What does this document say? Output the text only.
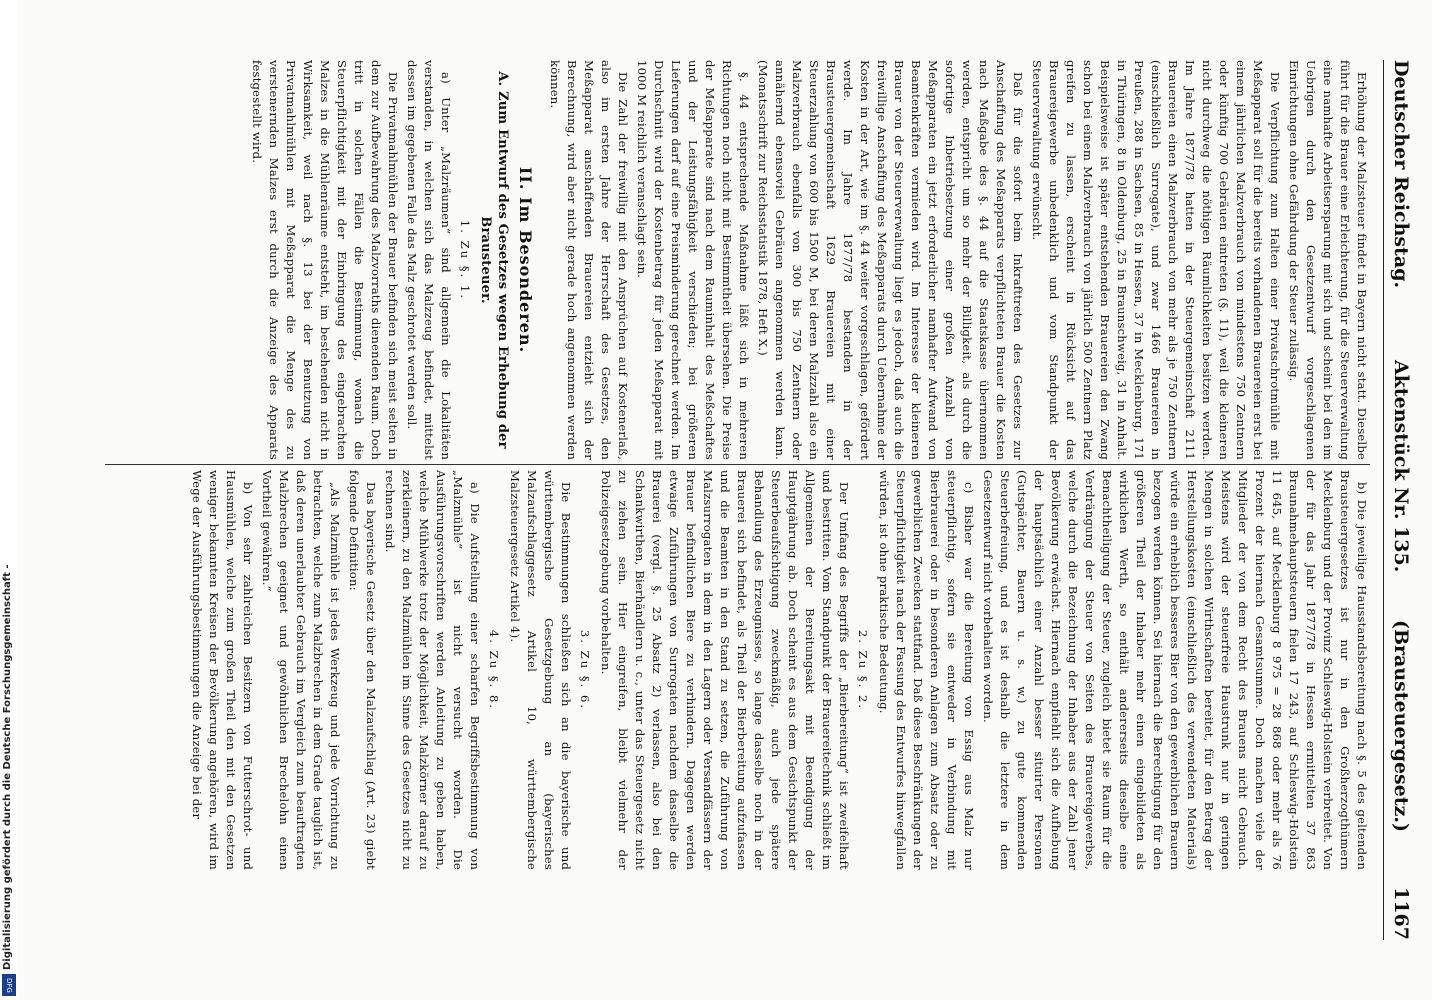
Deutscher Reichstag.
Aktenstück Nr. 135.
(Brausteuergesetz.)
1167

Erhöhung der Malzsteuer findet in Bayern nicht statt. Dieselbe führt für die Brauer eine Erleichterung, für die Steuerverwaltung eine namhafte Arbeitsersparung mit sich und scheint bei den im Uebrigen durch den Gesetzentwurf vorgeschlagenen Einrichtungen ohne Gefährdung der Steuer zulässig.

Die Verpflichtung zum Halten einer Privatschrotmühle mit Meßapparat soll für die bereits vorhandenen Brauereien erst bei einem jährlichen Malzverbrauch von mindestens 750 Zentnern oder künftig 700 Gebräuen eintreten (§. 11), weil die kleineren nicht durchweg die nöthigen Räumlichkeiten besitzen werden. Im Jahre 1877/78 hatten in der Steuergemeinschaft 2111 Brauereien einen Malzverbrauch von mehr als je 750 Zentnern (einschließlich Surrogate), und zwar 1466 Brauereien in Preußen, 288 in Sachsen, 85 in Hessen, 37 in Mecklenburg, 171 in Thüringen, 8 in Oldenburg, 25 in Braunschweig, 31 in Anhalt. Beispielsweise ist später entstehenden Brauereien den Zwang schon bei einem Malzverbrauch von jährlich 500 Zentnern Platz greifen zu lassen, erscheint in Rücksicht auf das Brauereigewerbe unbedenklich und vom Standpunkt der Steuerverwaltung erwünscht.

Daß für die sofort beim Inkrafttreten des Gesetzes zur Anschaffung des Meßapparats verpflichteten Brauer die Kosten nach Maßgabe des §. 44 auf die Staatskasse übernommen werden, entspricht um so mehr der Billigkeit, als durch die sofortige Inbetriebsetzung einer großen Anzahl von Meßapparaten ein jetzt erforderlicher namhafter Aufwand von Beamtenkräften vermieden wird. Im Interesse der kleineren Brauer von der Steuerverwaltung liegt es jedoch, daß auch die freiwillige Anschaffung des Meßapparats durch Uebernahme der Kosten in der Art, wie im §. 44 weiter vorgeschlagen, gefördert werde. Im Jahre 1877/78 bestanden in der Brausteuergemeinschaft 1629 Brauereien mit einer Steuerzahlung von 600 bis 1500 M, bei deren Malzzahl also ein Malzverbrauch ebenfalls von 300 bis 750 Zentnern oder annähernd ebensoviel Gebräuen angenommen werden kann. (Monatsschrift zur Reichsstatistik 1878, Heft X.)

§. 44 entsprechende Maßnahme läßt sich in mehreren Richtungen noch nicht mit Bestimmtheit übersehen. Die Preise der Meßapparate sind nach dem Rauminhalt des Meßschaftes und der Leistungsfähigkeit verschieden; bei größeren Lieferungen darf auf eine Preisminderung gerechnet werden. Im Durchschnitt wird der Kostenbetrag für jeden Meßapparat mit 1000 M reichlich veranschlagt sein.

Die Zahl der freiwillig mit den Ansprüchen auf Kostenerlaß, also im ersten Jahre der Herrschaft des Gesetzes, den Meßapparat anschaffenden Brauereien entzieht sich der Berechnung, wird aber nicht gerade hoch angenommen werden können.

II. Im Besonderen.
A. Zum Entwurf des Gesetzes wegen Erhebung der Brausteuer.
1. Zu §. 1.

a) Unter „Malzräumen“ sind allgemein die Lokalitäten verstanden, in welchen sich das Malzzeug befindet, mittelst dessen im gegebenen Falle das Malz geschrotet werden soll.

Die Privatmahlmühlen der Brauer befinden sich meist selten in dem zur Aufbewahrung des Malzvorraths dienenden Raum. Doch tritt in solchen Fällen die Bestimmung, wonach die Steuerpflichtigkeit mit der Einbringung des eingebrachten Malzes in die Mühlenräume entsteht, im bestehenden nicht in Wirksamkeit, weil nach §. 13 bei der Benutzung von Privatmahlmühlen mit Meßapparat die Menge des zu verstenernden Malzes erst durch die Anzeige des Apparats festgestellt wird.

b) Die jeweilige Hausstandsbereitung nach §. 5 des geltenden Brausteuergesetzes ist nur in den Großherzogthümern Mecklenburg und der Provinz Schleswig-Holstein verbreitet. Von der für das Jahr 1877/78 in Hessen ermittelten 37 863 Braunahmehauptsteuern fielen 17 243, auf Schleswig-Holstein 11 645, auf Mecklenburg 8 975 = 28 868 oder mehr als 76 Prozent der hiernach Gesamtsumme. Doch machen viele der Mitglieder der von dem Recht des Brauens nicht Gebrauch. Meistens wird der steuerfreie Haustrunk nur in geringen Mengen in solchen Wirthschaften bereitet, für den Betrag der Herstellungskosten (einschließlich des verwendeten Materials) würde ein erheblich besseres Bier von den gewerblichen Brauern bezogen werden können. Sei hiernach die Berechtigung für den größeren Theil der Inhaber mehr einen eingebildeten als wirklichen Werth, so enthält andererseits dieselbe eine Benachtheiligung der Steuer, zugleich bietet sie Raum für die Verdrängung der Steuer von Seiten des Brauereigewerbes, welche durch die Bezeichnung der Inhaber aus der Zahl jener Bevölkerung erwächst. Hiernach empfiehlt sich die Aufhebung der hauptsächlich einer Anzahl besser situirter Personen (Gutspächter, Bauern u. s. w.) zu gute kommenden Steuerbefreiung, und es ist deshalb die letztere in dem Gesetzentwurf nicht vorbehalten worden.

c) Bisher war die Bereitung von Essig aus Malz nur steuerpflichtig, sofern sie entweder in Verbindung mit Bierbrauerei oder in besonderen Anlagen zum Absatz oder zu gewerblichen Zwecken stattfand. Daß diese Beschränkungen der Steuerpflichtigkeit nach der Fassung des Entwurfes hinwegfallen würden, ist ohne praktische Bedeutung.

2. Zu §. 2.

Der Umfang des Begriffs der „Bierbereitung“ ist zweifelhaft und bestritten. Vom Standpunkt der Brauereitechnik schließt im Allgemeinen der Bereitungsakt mit Beendigung der Hauptgährung ab. Doch scheint es aus dem Gesichtspunkt der Steuerbeaufsichtigung zweckmäßig, auch jede spätere Behandlung des Erzeugnisses, so lange dasselbe noch in der Brauerei sich befindet, als Theil der Bierbereitung aufzufassen und die Beamten in den Stand zu setzen, die Zuführung von Malzsurrogaten in dem in den Lagern oder Versandfässern der Brauer befindlichen Biere zu verhindern. Dagegen werden etwaige Zuführungen von Surrogaten nachdem dasselbe die Brauerei (vergl. §. 25 Absatz 2) verlassen, also bei den Schankwirthen, Bierhändlern u. c., unter das Steuergesetz nicht zu ziehen sein. Hier eingreifen, bleibt vielmehr der Polizeigesetzgebung vorbehalten.

3. Zu §. 6.

Die Bestimmungen schließen sich an die bayerische und württembergische Gesetzgebung an (bayerisches Malzaufschlaggesetz Artikel 10, württembergische Malzsteuergesetz Artikel 4).

4. Zu §. 8.

a) Die Aufstellung einer scharfen Begriffsbestimmung von „Malzmühle“ ist nicht versucht worden. Die Ausführungsvorschriften werden Anleitung zu geben haben, welche Mühlwerke trotz der Möglichkeit, Malzkörner darauf zu zerkleinern, zu den Malzmühlen im Sinne des Gesetzes nicht zu rechnen sind.

Das bayerische Gesetz über den Malzaufschlag (Art. 23) giebt folgende Definition:

„Als Malzmühle ist jedes Werkzeug und jede Vorrichtung zu betrachten, welche zum Malzbrechen in dem Grade tauglich ist, daß deren unerlaubter Gebrauch im Vergleich zum beauftragten Malzbrechen geeignet und gewöhnlichen Brechelohn einen Vortheil gewähren.“

b) Von sehr zahlreichen Besitzern von Futterschrot- und Hausmühlen, welche zum großen Theil den mit den Gesetzen weniger bekannten Kreisen der Bevölkerung angehören, wird im Wege der Ausführungsbestimmungen die Anzeige bei der

Digitalisierung gefördert durch die Deutsche Forschungsgemeinschaft -
DFG
